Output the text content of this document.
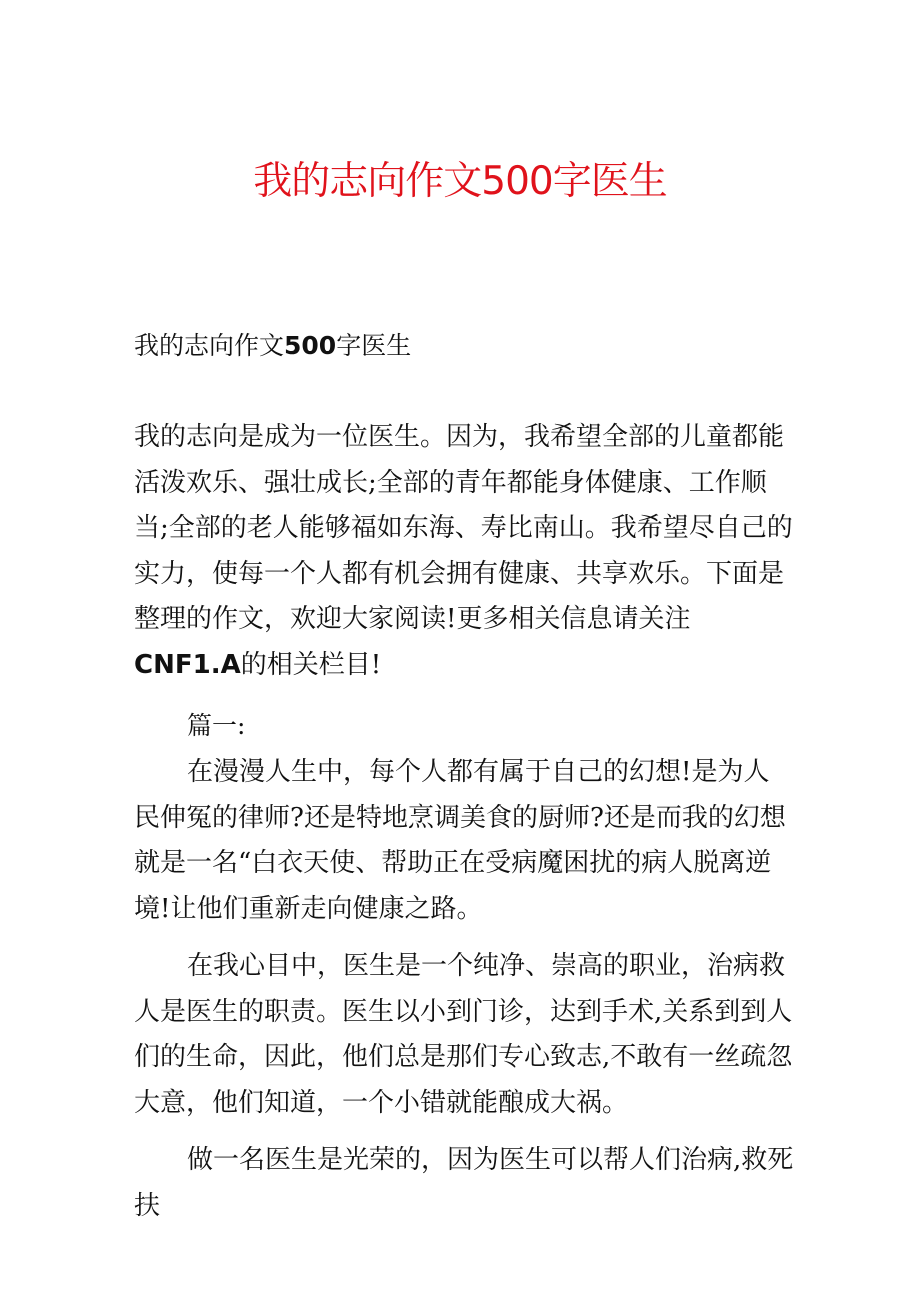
我的志向作文500字医生
我的志向作文500字医生

我的志向是成为一位医生。因为，我希望全部的儿童都能活泼欢乐、强壮成长;全部的青年都能身体健康、工作顺当;全部的老人能够福如东海、寿比南山。我希望尽自己的实力，使每一个人都有机会拥有健康、共享欢乐。下面是整理的作文，欢迎大家阅读!更多相关信息请关注CNF1.A的相关栏目!

篇一:

在漫漫人生中，每个人都有属于自己的幻想!是为人民伸冤的律师?还是特地烹调美食的厨师?还是而我的幻想就是一名“白衣天使、帮助正在受病魔困扰的病人脱离逆境!让他们重新走向健康之路。

在我心目中，医生是一个纯净、崇高的职业，治病救人是医生的职责。医生以小到门诊，达到手术,关系到到人们的生命，因此，他们总是那们专心致志,不敢有一丝疏忽大意，他们知道，一个小错就能酿成大祸。

做一名医生是光荣的，因为医生可以帮人们治病,救死扶
